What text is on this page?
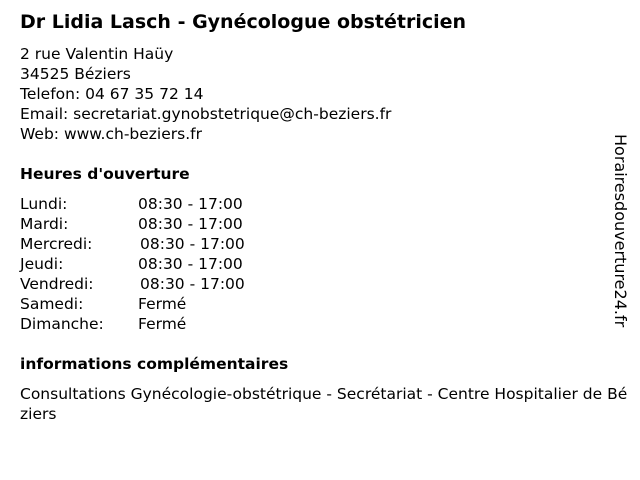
Dr Lidia Lasch - Gynécologue obstétricien
2 rue Valentin Haüy
34525 Béziers
Telefon: 04 67 35 72 14
Email: secretariat.gynobstetrique@ch-beziers.fr
Web: www.ch-beziers.fr
Heures d'ouverture
Lundi:	08:30 - 17:00
Mardi:	08:30 - 17:00
Mercredi:	08:30 - 17:00
Jeudi:	08:30 - 17:00
Vendredi:	08:30 - 17:00
Samedi:	Fermé
Dimanche: Fermé
informations complémentaires
Consultations Gynécologie-obstétrique - Secrétariat - Centre Hospitalier de Béziers
Horairesdouverture24.fr
